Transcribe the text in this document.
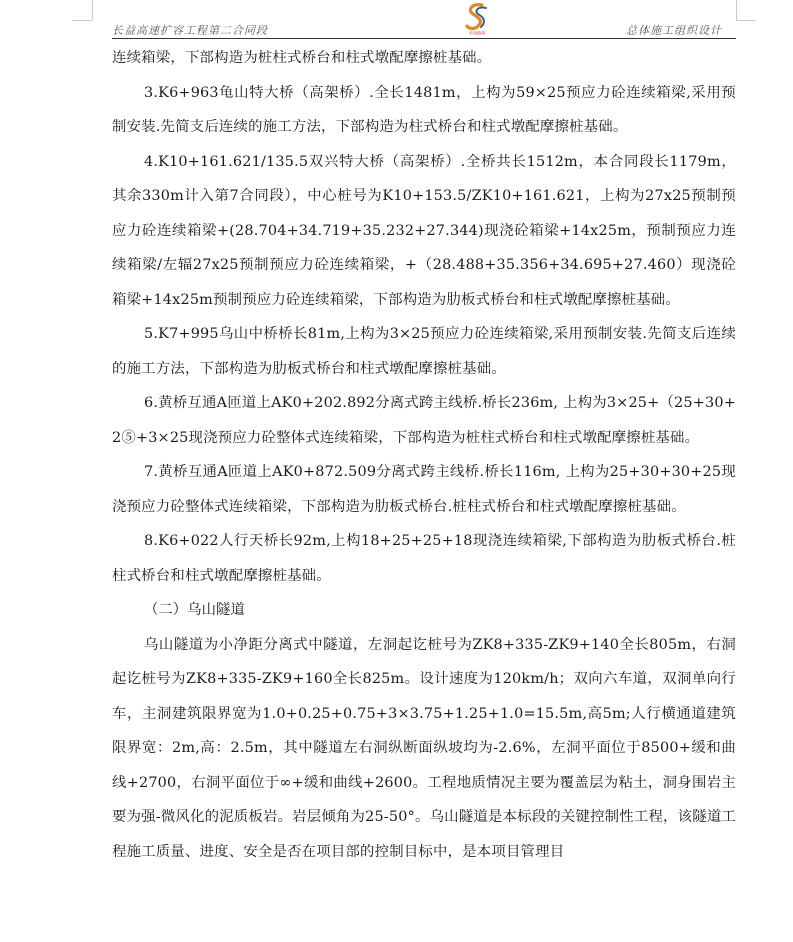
长益高速扩容工程第二合同段	华西路桥	总体施工组织设计

连续箱梁，下部构造为桩柱式桥台和柱式墩配摩擦桩基础。

3.K6+963龟山特大桥（高架桥）.全长1481m，上构为59×25预应力砼连续箱梁,采用预制安装.先简支后连续的施工方法，下部构造为柱式桥台和柱式墩配摩擦桩基础。

4.K10+161.621/135.5双兴特大桥（高架桥）.全桥共长1512m，本合同段长1179m，其余330m计入第7合同段），中心桩号为K10+153.5/ZK10+161.621，上构为27x25预制预应力砼连续箱梁+(28.704+34.719+35.232+27.344)现浇砼箱梁+14x25m，预制预应力连续箱梁/左辐27x25预制预应力砼连续箱梁，+（28.488+35.356+34.695+27.460）现浇砼箱梁+14x25m预制预应力砼连续箱梁，下部构造为肋板式桥台和柱式墩配摩擦桩基础。

5.K7+995乌山中桥桥长81m,上构为3×25预应力砼连续箱梁,采用预制安装.先简支后连续的施工方法，下部构造为肋板式桥台和柱式墩配摩擦桩基础。

6.黄桥互通A匝道上AK0+202.892分离式跨主线桥.桥长236m, 上构为3×25+（25+30+2⑤+3×25现浇预应力砼整体式连续箱梁，下部构造为桩柱式桥台和柱式墩配摩擦桩基础。

7.黄桥互通A匝道上AK0+872.509分离式跨主线桥.桥长116m, 上构为25+30+30+25现浇预应力砼整体式连续箱梁，下部构造为肋板式桥台.桩柱式桥台和柱式墩配摩擦桩基础。

8.K6+022人行天桥长92m,上构18+25+25+18现浇连续箱梁,下部构造为肋板式桥台.桩柱式桥台和柱式墩配摩擦桩基础。

（二）乌山隧道

乌山隧道为小净距分离式中隧道，左洞起讫桩号为ZK8+335-ZK9+140全长805m，右洞起讫桩号为ZK8+335-ZK9+160全长825m。设计速度为120km/h；双向六车道，双洞单向行车，主洞建筑限界宽为1.0+0.25+0.75+3×3.75+1.25+1.0=15.5m,高5m;人行横通道建筑限界宽：2m,高：2.5m，其中隧道左右洞纵断面纵坡均为-2.6%，左洞平面位于8500+缓和曲线+2700，右洞平面位于∞+缓和曲线+2600。工程地质情况主要为覆盖层为粘土，洞身围岩主要为强-微风化的泥质板岩。岩层倾角为25-50°。乌山隧道是本标段的关键控制性工程，该隧道工程施工质量、进度、安全是否在项目部的控制目标中，是本项目管理目
